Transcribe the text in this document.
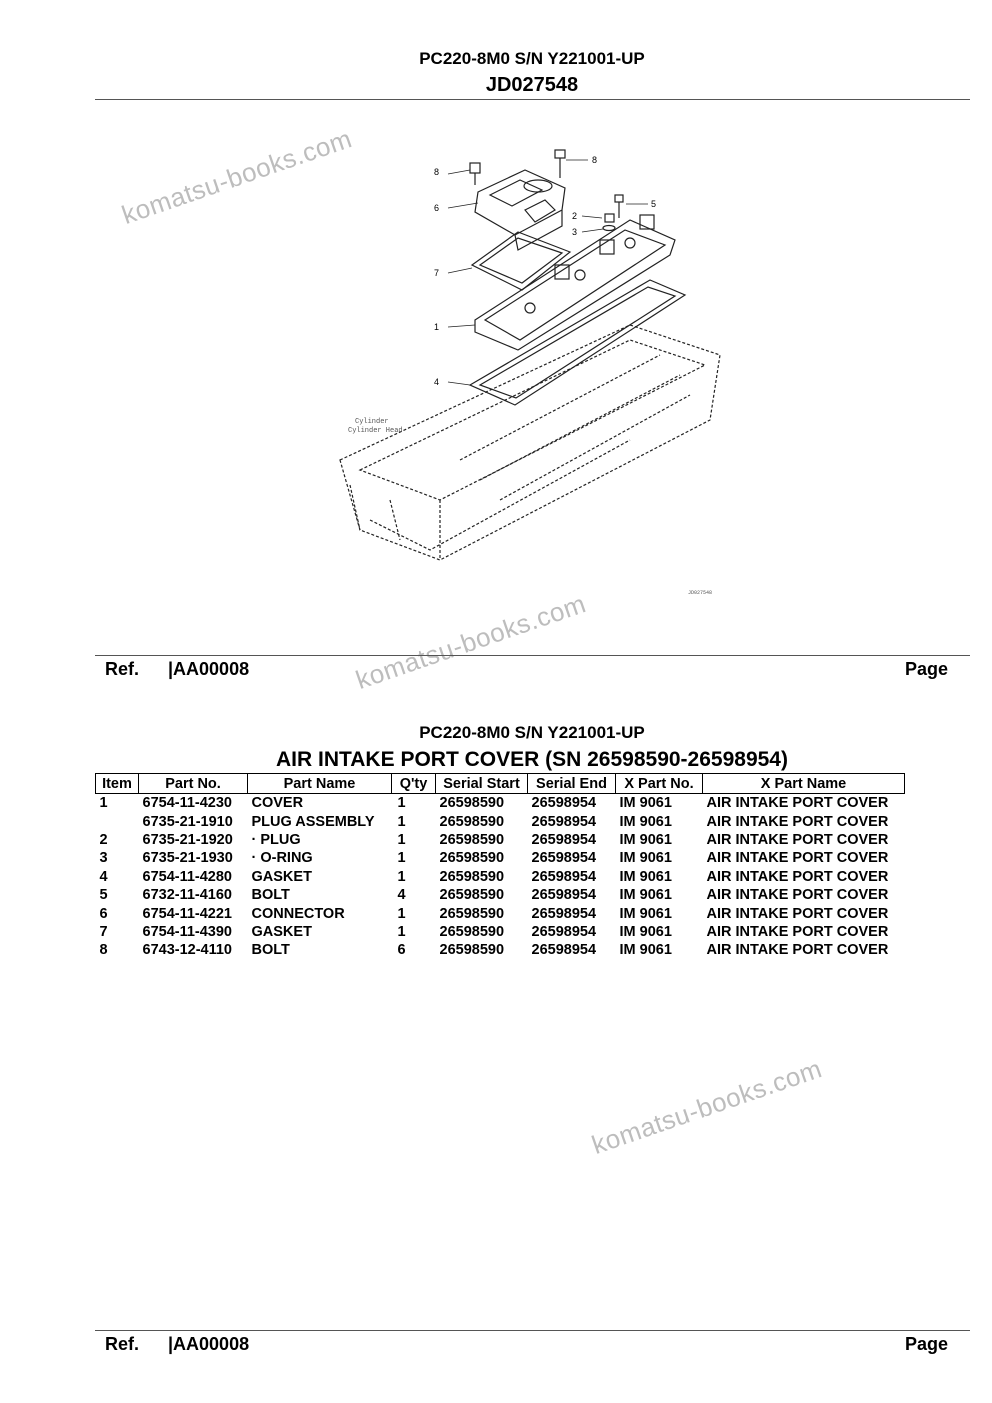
PC220-8M0 S/N Y221001-UP
JD027548
komatsu-books.com	8
8
6
2
3
5
7
1
4
Cylinder
Cylinder Head
JD027548
komatsu-books.com
Ref. |AA00008	Page
PC220-8M0 S/N Y221001-UP
AIR INTAKE PORT COVER (SN 26598590-26598954)
Item	Part No.	Part Name	Q'ty	Serial Start	Serial End	X Part No.	X Part Name
1	6754-11-4230	COVER	1	26598590	26598954	IM 9061	AIR INTAKE PORT COVER
	6735-21-1910	PLUG ASSEMBLY	1	26598590	26598954	IM 9061	AIR INTAKE PORT COVER
2	6735-21-1920	· PLUG	1	26598590	26598954	IM 9061	AIR INTAKE PORT COVER
3	6735-21-1930	· O-RING	1	26598590	26598954	IM 9061	AIR INTAKE PORT COVER
4	6754-11-4280	GASKET	1	26598590	26598954	IM 9061	AIR INTAKE PORT COVER
5	6732-11-4160	BOLT	4	26598590	26598954	IM 9061	AIR INTAKE PORT COVER
6	6754-11-4221	CONNECTOR	1	26598590	26598954	IM 9061	AIR INTAKE PORT COVER
7	6754-11-4390	GASKET	1	26598590	26598954	IM 9061	AIR INTAKE PORT COVER
8	6743-12-4110	BOLT	6	26598590	26598954	IM 9061	AIR INTAKE PORT COVER
komatsu-books.com
Ref. |AA00008	Page
